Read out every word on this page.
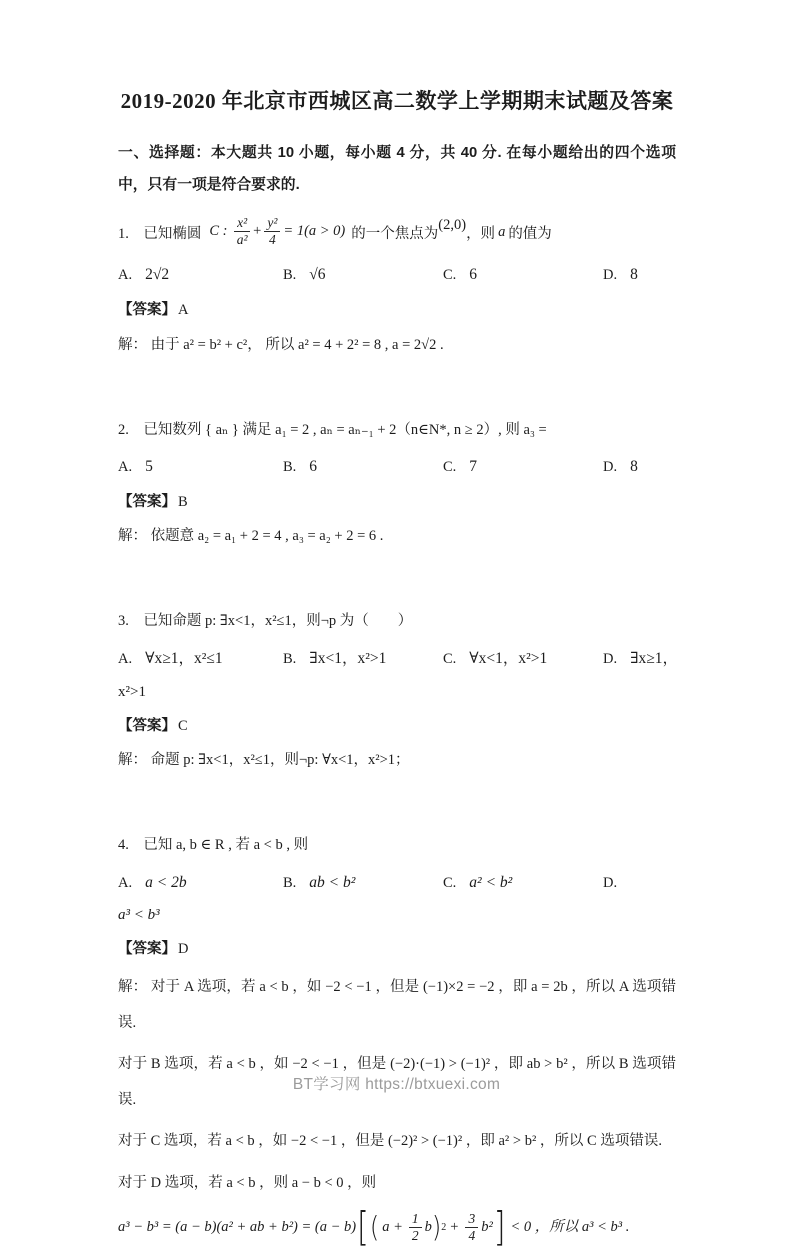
2019-2020 年北京市西城区高二数学上学期期末试题及答案
一、选择题：本大题共 10 小题，每小题 4 分，共 40 分. 在每小题给出的四个选项中，只有一项是符合要求的.
1.　已知椭圆 C : $\frac{\text{x²}}{\text{a²}} + \frac{\text{y²}}{4} = 1(a > 0)$ 的一个焦点为(2,0)，则 a 的值为
A. 2√2	B. √6	C. 6	D. 8
【答案】 A
解： 由于 a² = b² + c²， 所以 a² = 4 + 2² = 8 , a = 2√2 .
2.　已知数列 { aₙ } 满足 a₁ = 2 , aₙ = aₙ₋₁ + 2（n∈N*, n ≥ 2）, 则 a₃ =
A. 5	B. 6	C. 7	D. 8
【答案】 B
解： 依题意 a₂ = a₁ + 2 = 4 , a₃ = a₂ + 2 = 6 .
3.　已知命题 p: ∃x<1，x²≤1，则¬p 为（　　）
A. ∀x≥1，x²≤1	B. ∃x<1，x²>1	C. ∀x<1，x²>1	D. ∃x≥1，
x²>1
【答案】 C
解： 命题 p: ∃x<1，x²≤1，则¬p: ∀x<1，x²>1；
4.　已知 a, b ∈ R , 若 a < b , 则
A. a < 2b	B. ab < b²	C. a² < b²	D.
a³ < b³
【答案】 D

解： 对于 A 选项，若 a < b ，如 −2 < −1 ，但是 (−1)×2 = −2 ，即 a = 2b ，所以 A 选项错误.

对于 B 选项，若 a < b ，如 −2 < −1 ，但是 (−2)·(−1) > (−1)² ，即 ab > b² ，所以 B 选项错误.

对于 C 选项，若 a < b ，如 −2 < −1 ，但是 (−2)² > (−1)² ，即 a² > b² ，所以 C 选项错误.

对于 D 选项，若 a < b ，则 a − b < 0 ，则

a³ − b³ = (a − b)(a² + ab + b²) = (a − b) [ ( $a + \frac{1}{2}$ b ) $2 + \frac{3}{4} b^2$ ] < 0 ，所以 a³ < b³ .
BT学习网 https://btxuexi.com
